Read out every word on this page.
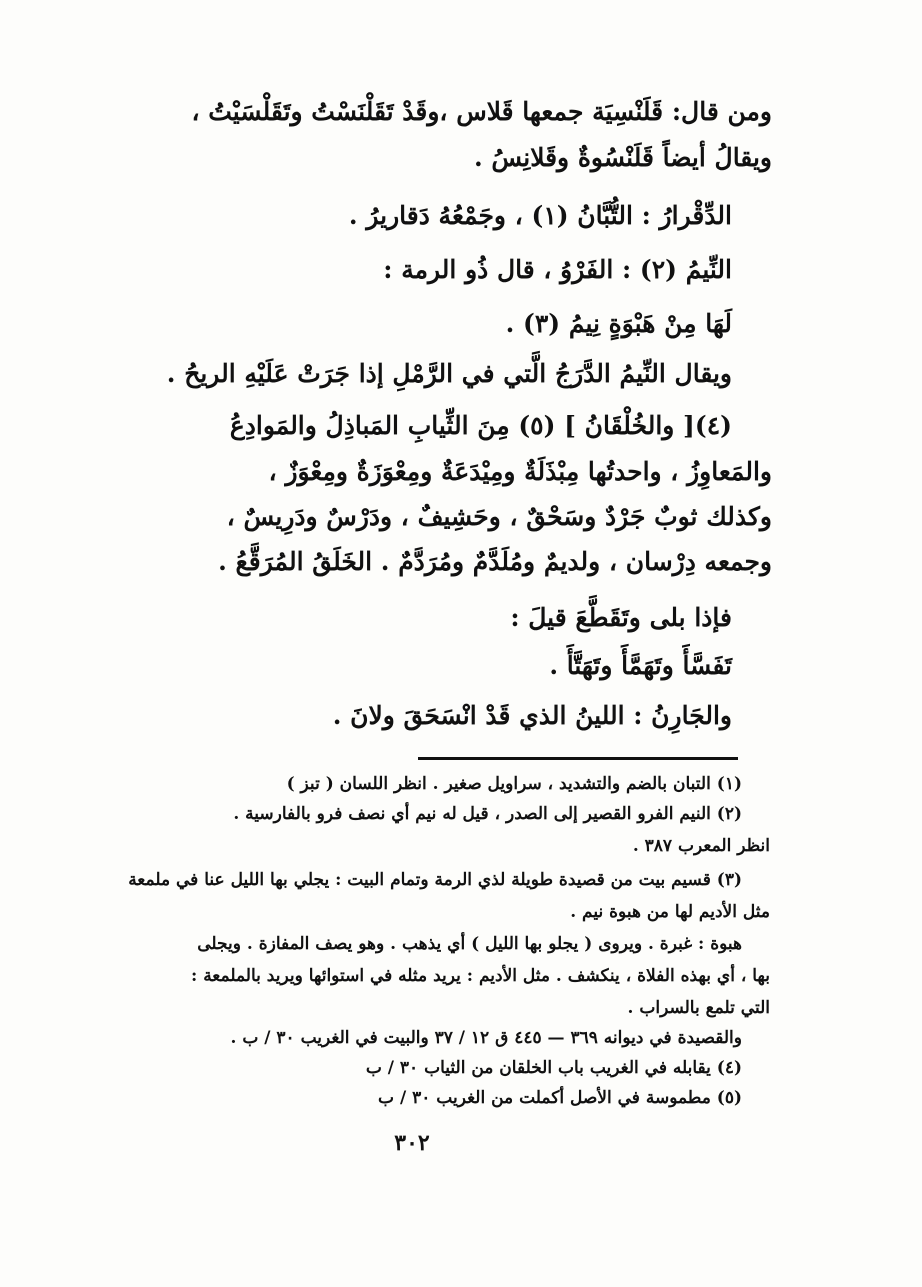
ومن قال: قَلَنْسِيَة جمعها قَلاس ،وقَدْ تَقَلْنَسْتُ وتَقَلْسَيْتُ ،
ويقالُ أيضاً قَلَنْسُوةٌ وقَلانِسُ .
الدِّقْرارُ : التُّبَّانُ (١) ، وجَمْعُهُ دَقاريرُ .
النِّيمُ (٢) : الفَرْوُ ، قال ذُو الرمة :
لَهَا مِنْ هَبْوَةٍ نِيمُ (٣) .
ويقال النِّيمُ الدَّرَجُ الَّتي في الرَّمْلِ إذا جَرَتْ عَلَيْهِ الريحُ .
(٤)[ والخُلْقَانُ ] (٥) مِنَ الثِّيابِ المَباذِلُ والمَوادِعُ
والمَعاوِزُ ، واحدتُها مِبْذَلَةٌ ومِيْدَعَةٌ ومِعْوَزَةٌ ومِعْوَزٌ ،
وكذلك ثوبٌ جَرْدٌ وسَحْقٌ ، وحَشِيفٌ ، ودَرْسٌ ودَرِيسٌ ،
وجمعه دِرْسان ، ولديمٌ ومُلَدَّمٌ ومُرَدَّمٌ . الخَلَقُ المُرَقَّعُ .
فإذا بلى وتَقَطَّعَ قيلَ :
تَفَسَّأَ وتَهَمَّأَ وتَهَتَّأَ .
والجَارِنُ : اللينُ الذي قَدْ انْسَحَقَ ولانَ .
(١) التبان بالضم والتشديد ، سراويل صغير . انظر اللسان ( تبز )
(٢) النيم الفرو القصير إلى الصدر ، قيل له نيم أي نصف فرو بالفارسية .
انظر المعرب ٣٨٧ .
(٣) قسيم بيت من قصيدة طويلة لذي الرمة وتمام البيت : يجلي بها الليل عنا في ملمعة
مثل الأديم لها من هبوة نيم .
هبوة : غبرة . ويروى ( يجلو بها الليل ) أي يذهب . وهو يصف المفازة . ويجلى
بها ، أي بهذه الفلاة ، ينكشف . مثل الأديم : يريد مثله في استوائها ويريد بالملمعة :
التي تلمع بالسراب .
والقصيدة في ديوانه ٣٦٩ — ٤٤٥ ق ١٢ / ٣٧ والبيت في الغريب ٣٠ / ب .
(٤) يقابله في الغريب باب الخلقان من الثياب ٣٠ / ب
(٥) مطموسة في الأصل أكملت من الغريب ٣٠ / ب
٣٠٢
